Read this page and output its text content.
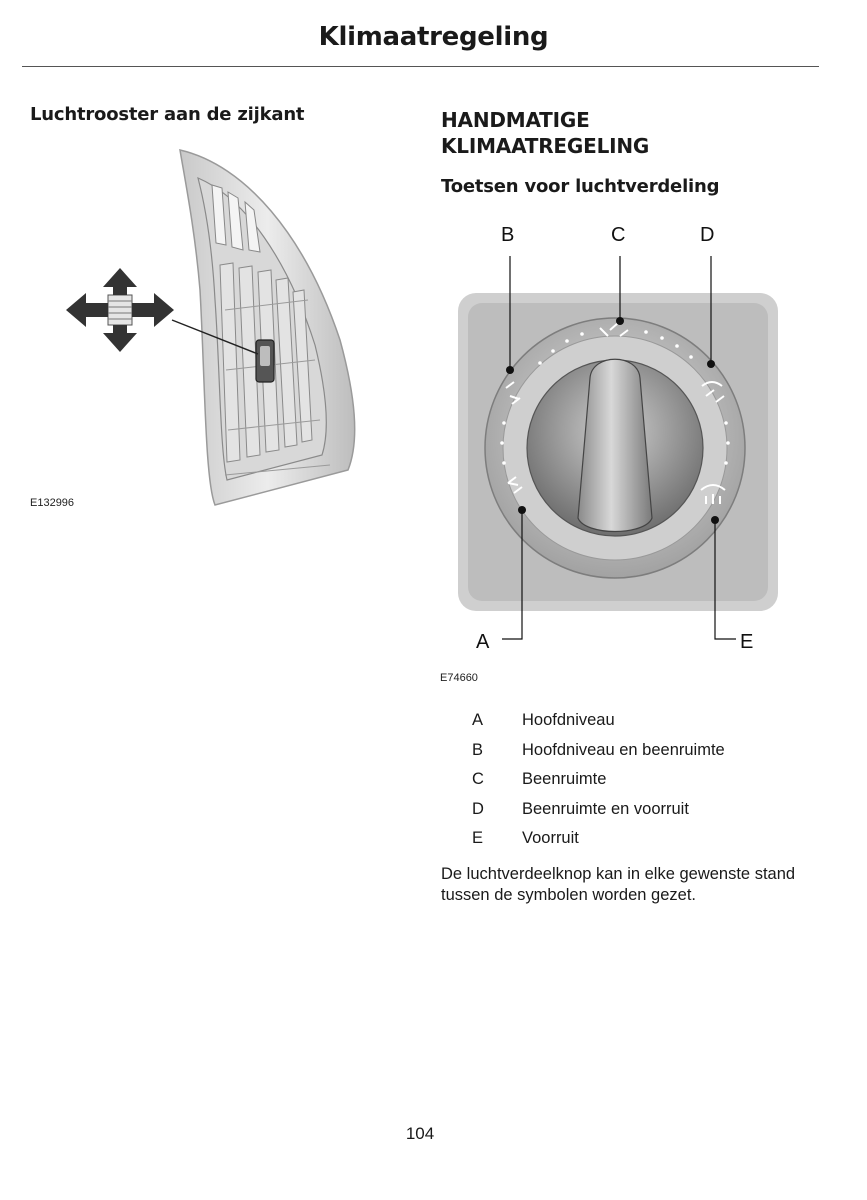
Klimaatregeling
Luchtrooster aan de zijkant
E132996
HANDMATIGE
KLIMAATREGELING
Toetsen voor luchtverdeling
B	C	D
A	E
E74660
A	Hoofdniveau
B	Hoofdniveau en beenruimte
C	Beenruimte
D	Beenruimte en voorruit
E	Voorruit

De luchtverdeelknop kan in elke gewenste stand tussen de symbolen worden gezet.

104
